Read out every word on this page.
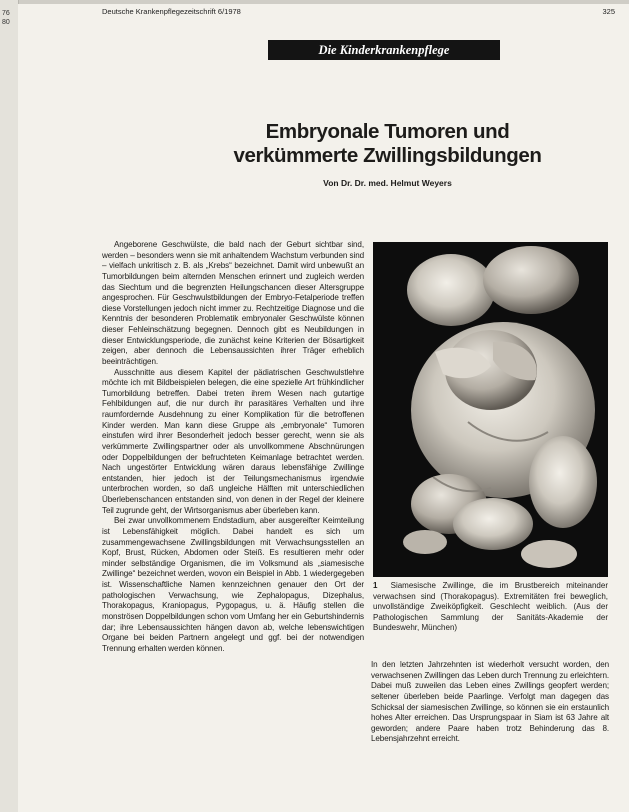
76
80
Deutsche Krankenpflegezeitschrift 6/1978	325
Die Kinderkrankenpflege
Embryonale Tumoren und
verkümmerte Zwillingsbildungen
Von Dr. Dr. med. Helmut Weyers

Angeborene Geschwülste, die bald nach der Geburt sichtbar sind, werden – besonders wenn sie mit anhaltendem Wachstum verbunden sind – vielfach unkritisch z. B. als „Krebs“ bezeichnet. Damit wird unbewußt an Tumorbildungen beim alternden Menschen erinnert und zugleich werden das Siechtum und die begrenzten Heilungschancen dieser Altersgruppe angesprochen. Für Geschwulstbildungen der Embryo-Fetalperiode treffen diese Vorstellungen jedoch nicht immer zu. Rechtzeitige Diagnose und die Kenntnis der besonderen Problematik embryonaler Geschwülste können dieser Fehleinschätzung begegnen. Dennoch gibt es Neubildungen in dieser Entwicklungsperiode, die zunächst keine Kriterien der Bösartigkeit zeigen, aber dennoch die Lebensaussichten ihrer Träger erheblich beeinträchtigen.

Ausschnitte aus diesem Kapitel der pädiatrischen Geschwulstlehre möchte ich mit Bildbeispielen belegen, die eine spezielle Art frühkindlicher Tumorbildung betreffen. Dabei treten ihrem Wesen nach gutartige Fehlbildungen auf, die nur durch ihr parasitäres Verhalten und ihre raumfordernde Ausdehnung zu einer Komplikation für die betroffenen Kinder werden. Man kann diese Gruppe als „embryonale“ Tumoren einstufen wird ihrer Besonderheit jedoch besser gerecht, wenn sie als verkümmerte Zwillingspartner oder als unvollkommene Abschnürungen oder Doppelbildungen der befruchteten Keimanlage betrachtet werden. Nach ungestörter Entwicklung wären daraus lebensfähige Zwillinge entstanden, hier jedoch ist der Teilungsmechanismus irgendwie unterbrochen worden, so daß ungleiche Hälften mit unterschiedlichen Überlebenschancen entstanden sind, von denen in der Regel der kleinere Teil zugrunde geht, der Wirtsorganismus aber überleben kann.

Bei zwar unvollkommenem Endstadium, aber ausgereifter Keimteilung ist Lebensfähigkeit möglich. Dabei handelt es sich um zusammengewachsene Zwillingsbildungen mit Verwachsungsstellen an Kopf, Brust, Rücken, Abdomen oder Steiß. Es resultieren mehr oder minder selbständige Organismen, die im Volksmund als „siamesische Zwillinge“ bezeichnet werden, wovon ein Beispiel in Abb. 1 wiedergegeben ist. Wissenschaftliche Namen kennzeichnen genauer den Ort der pathologischen Verwachsung, wie Zephalopagus, Dizephalus, Thorakopagus, Kraniopagus, Pygopagus, u. ä. Häufig stellen die monströsen Doppelbildungen schon vom Umfang her ein Geburtshindernis dar; ihre Lebensaussichten hängen davon ab, welche lebenswichtigen Organe bei beiden Partnern angelegt und ggf. bei der notwendigen Trennung erhalten werden können.

1 Siamesische Zwillinge, die im Brustbereich miteinander verwachsen sind (Thorakopagus). Extremitäten frei beweglich, unvollständige Zweiköpfigkeit. Geschlecht weiblich. (Aus der Pathologischen Sammlung der Sanitäts-Akademie der Bundeswehr, München)

In den letzten Jahrzehnten ist wiederholt versucht worden, den verwachsenen Zwillingen das Leben durch Trennung zu erleichtern. Dabei muß zuweilen das Leben eines Zwillings geopfert werden; seltener überleben beide Paarlinge. Verfolgt man dagegen das Schicksal der siamesischen Zwillinge, so können sie ein erstaunlich hohes Alter erreichen. Das Ursprungspaar in Siam ist 63 Jahre alt geworden; andere Paare haben trotz Behinderung das 8. Lebensjahrzehnt erreicht.
